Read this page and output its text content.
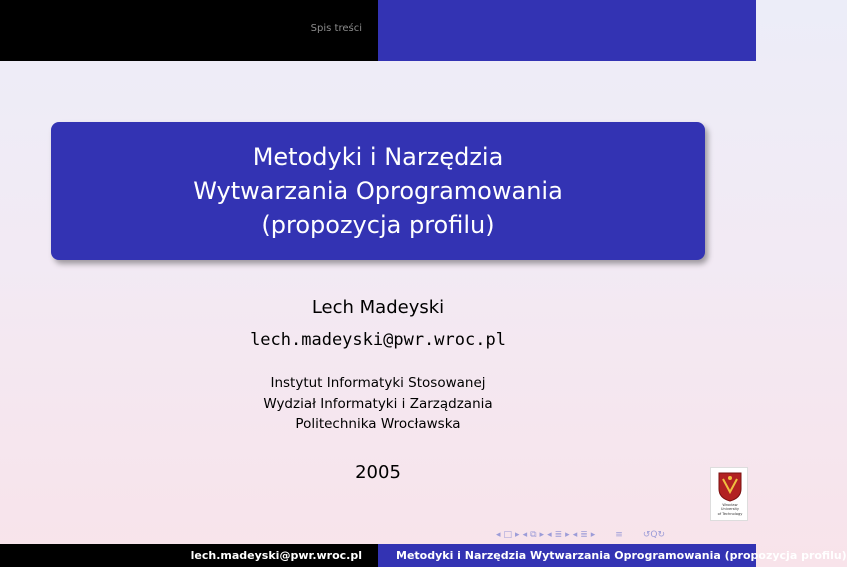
Spis treści
Metodyki i Narzędzia
Wytwarzania Oprogramowania
(propozycja profilu)
Lech Madeyski
lech.madeyski@pwr.wroc.pl
Instytut Informatyki Stosowanej
Wydział Informatyki i Zarządzania
Politechnika Wrocławska
2005
Wrocław
University
of Technology
◂ □ ▸ ◂ ⧉ ▸ ◂ ≣ ▸ ◂ ≣ ▸ ≡ ↺Q↻
lech.madeyski@pwr.wroc.pl	Metodyki i Narzędzia Wytwarzania Oprogramowania (propozycja profilu)
